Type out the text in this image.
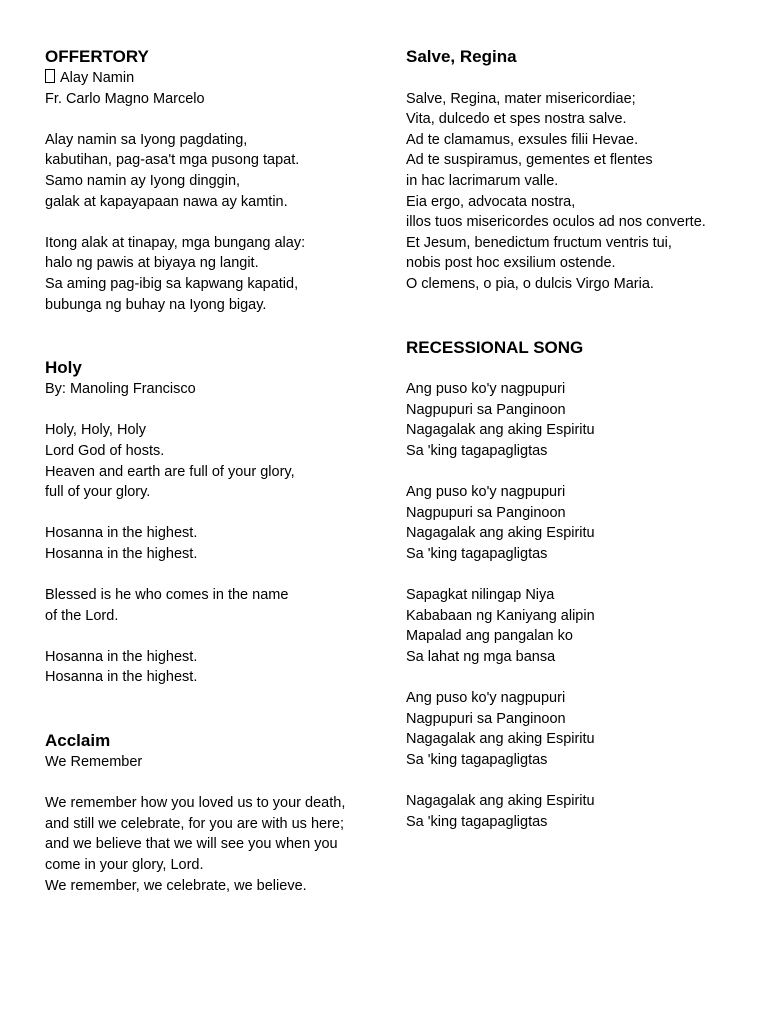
OFFERTORY
Alay Namin
Fr. Carlo Magno Marcelo
Alay namin sa Iyong pagdating,
kabutihan, pag-asa't mga pusong tapat.
Samo namin ay Iyong dinggin,
galak at kapayapaan nawa ay kamtin.
Itong alak at tinapay, mga bungang alay:
halo ng pawis at biyaya ng langit.
Sa aming pag-ibig sa kapwang kapatid,
bubunga ng buhay na Iyong bigay.
Holy
By: Manoling Francisco
Holy, Holy, Holy
Lord God of hosts.
Heaven and earth are full of your glory,
full of your glory.
Hosanna in the highest.
Hosanna in the highest.
Blessed is he who comes in the name
of the Lord.
Hosanna in the highest.
Hosanna in the highest.
Acclaim
We Remember
We remember how you loved us to your death,
and still we celebrate, for you are with us here;
and we believe that we will see you when you
come in your glory, Lord.
We remember, we celebrate, we believe.
Salve, Regina
Salve, Regina, mater misericordiae;
Vita, dulcedo et spes nostra salve.
Ad te clamamus, exsules filii Hevae.
Ad te suspiramus, gementes et flentes
in hac lacrimarum valle.
Eia ergo, advocata nostra,
illos tuos misericordes oculos ad nos converte.
Et Jesum, benedictum fructum ventris tui,
nobis post hoc exsilium ostende.
O clemens, o pia, o dulcis Virgo Maria.
RECESSIONAL SONG
Ang puso ko'y nagpupuri
Nagpupuri sa Panginoon
Nagagalak ang aking Espiritu
Sa 'king tagapagligtas
Ang puso ko'y nagpupuri
Nagpupuri sa Panginoon
Nagagalak ang aking Espiritu
Sa 'king tagapagligtas
Sapagkat nilingap Niya
Kababaan ng Kaniyang alipin
Mapalad ang pangalan ko
Sa lahat ng mga bansa
Ang puso ko'y nagpupuri
Nagpupuri sa Panginoon
Nagagalak ang aking Espiritu
Sa 'king tagapagligtas
Nagagalak ang aking Espiritu
Sa 'king tagapagligtas
